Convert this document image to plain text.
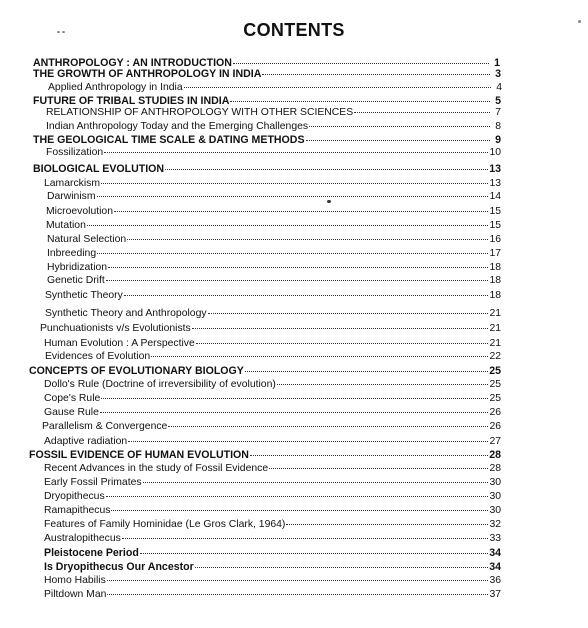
CONTENTS
ANTHROPOLOGY : AN INTRODUCTION	1
THE GROWTH OF ANTHROPOLOGY IN INDIA	3
Applied Anthropology in India	4
FUTURE OF TRIBAL STUDIES IN INDIA	5
RELATIONSHIP OF ANTHROPOLOGY WITH OTHER SCIENCES	7
Indian Anthropology Today and the Emerging Challenges	8
THE GEOLOGICAL TIME SCALE & DATING METHODS	9
Fossilization	10
BIOLOGICAL EVOLUTION	13
Lamarckism	13
Darwinism	14
Microevolution	15
Mutation	15
Natural Selection	16
Inbreeding	17
Hybridization	18
Genetic Drift	18
Synthetic Theory	18
Synthetic Theory and Anthropology	21
Punchuationists v/s Evolutionists	21
Human Evolution : A Perspective	21
Evidences of Evolution	22
CONCEPTS OF EVOLUTIONARY BIOLOGY	25
Dollo's Rule (Doctrine of irreversibility of evolution)	25
Cope's Rule	25
Gause Rule	26
Parallelism & Convergence	26
Adaptive radiation	27
FOSSIL EVIDENCE OF HUMAN EVOLUTION	28
Recent Advances in the study of Fossil Evidence	28
Early Fossil Primates	30
Dryopithecus	30
Ramapithecus	30
Features of Family Hominidae (Le Gros Clark, 1964)	32
Australopithecus	33
Pleistocene Period	34
Is Dryopithecus Our Ancestor	34
Homo Habilis	36
Piltdown Man	37
